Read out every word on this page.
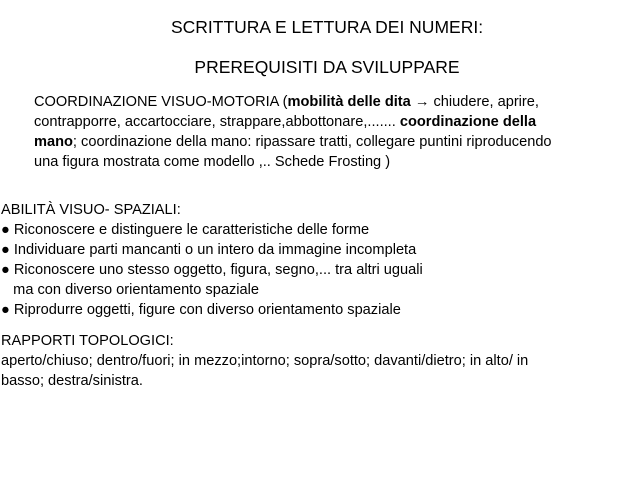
SCRITTURA E LETTURA DEI NUMERI:
PREREQUISITI DA SVILUPPARE
COORDINAZIONE VISUO-MOTORIA (mobilità delle dita → chiudere, aprire,
contrapporre, accartocciare, strappare,abbottonare,....... coordinazione della
mano; coordinazione della mano: ripassare tratti, collegare puntini riproducendo
una figura mostrata come modello ,.. Schede Frosting )
ABILITÀ VISUO- SPAZIALI:
● Riconoscere e distinguere le caratteristiche delle forme
● Individuare parti mancanti o un intero da immagine incompleta
● Riconoscere uno stesso oggetto, figura, segno,... tra altri uguali
ma con diverso orientamento spaziale
● Riprodurre oggetti, figure con diverso orientamento spaziale
RAPPORTI TOPOLOGICI:
aperto/chiuso; dentro/fuori; in mezzo;intorno; sopra/sotto; davanti/dietro; in alto/ in
basso; destra/sinistra.
